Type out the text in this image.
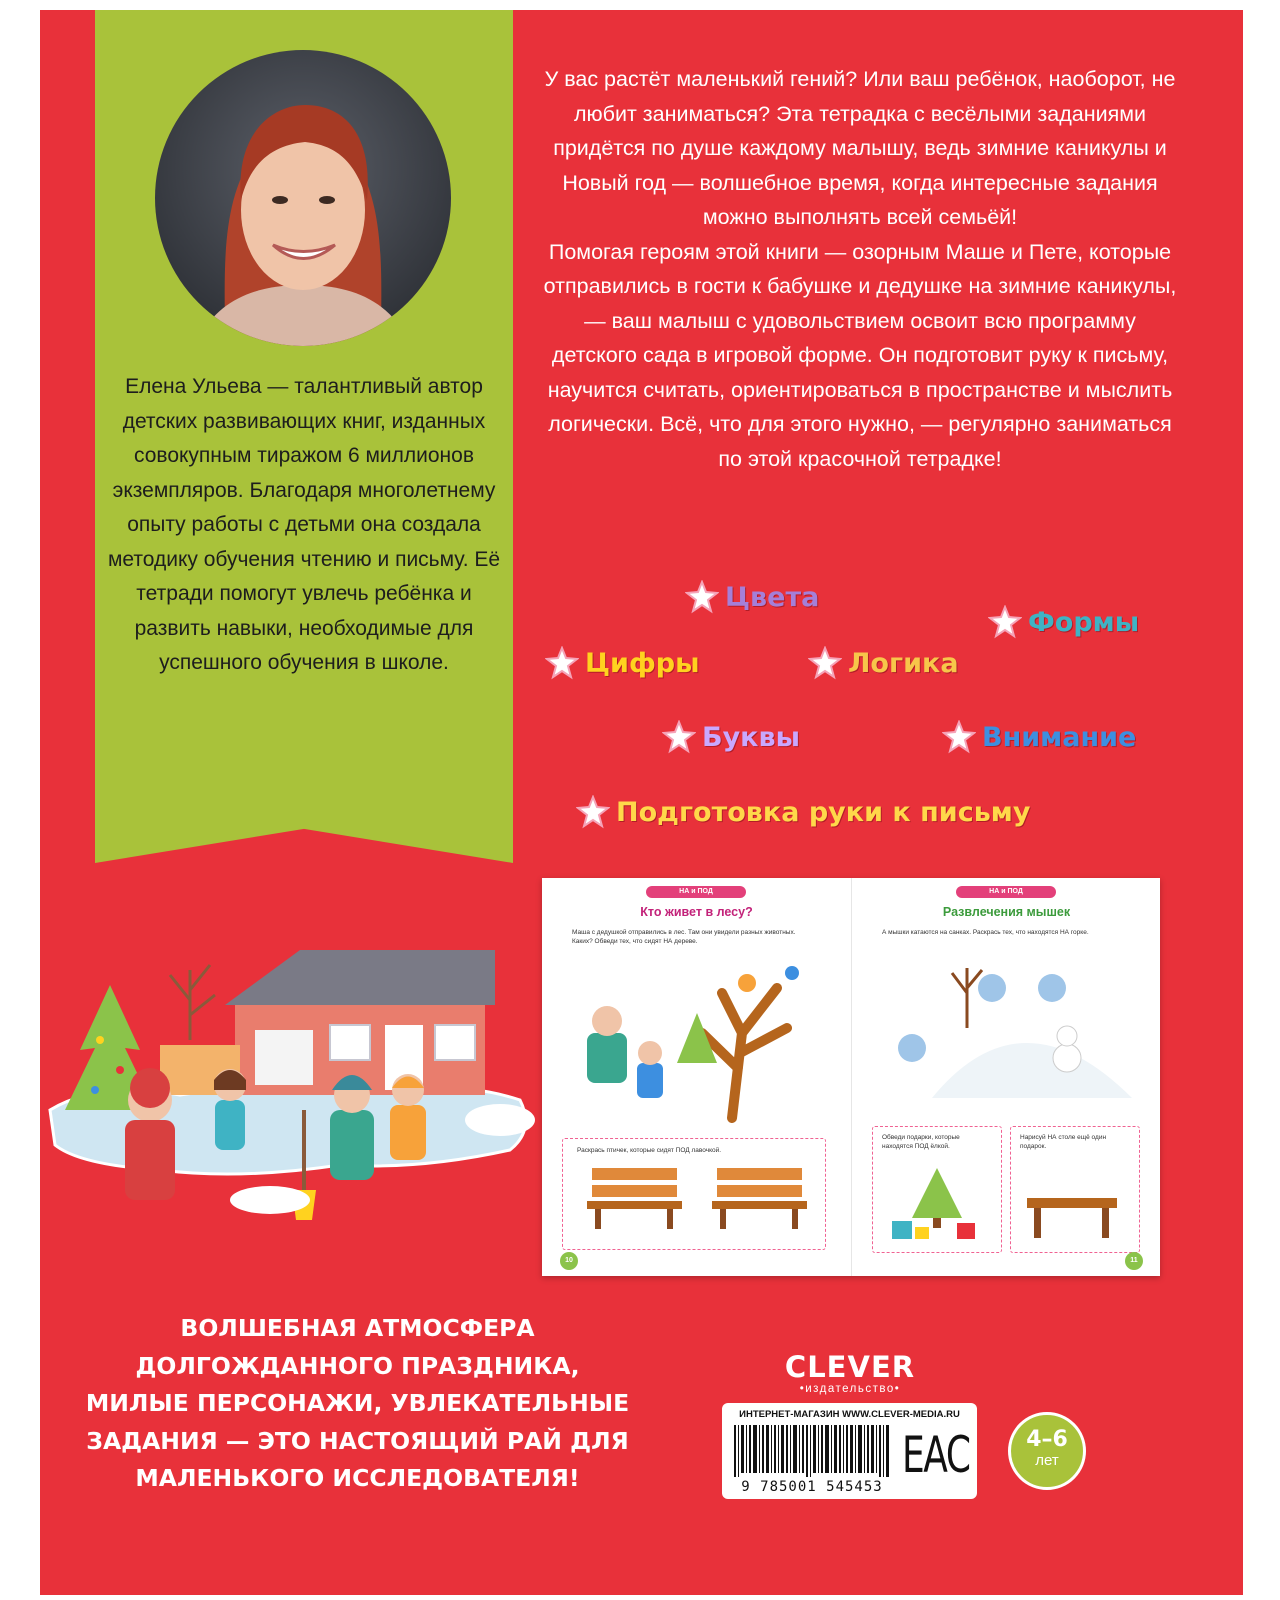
Елена Ульева — талантливый автор детских развивающих книг, изданных совокупным тиражом 6 миллионов экземпляров. Благодаря многолетнему опыту работы с детьми она создала методику обучения чтению и письму. Её тетради помогут увлечь ребёнка и развить навыки, необходимые для успешного обучения в школе.
У вас растёт маленький гений? Или ваш ребёнок, наоборот, не любит заниматься? Эта тетрадка с весёлыми заданиями придётся по душе каждому малышу, ведь зимние каникулы и Новый год — волшебное время, когда интересные задания можно выполнять всей семьёй!
Помогая героям этой книги — озорным Маше и Пете, которые отправились в гости к бабушке и дедушке на зимние каникулы, — ваш малыш с удовольствием освоит всю программу детского сада в игровой форме. Он подготовит руку к письму, научится считать, ориентироваться в пространстве и мыслить логически. Всё, что для этого нужно, — регулярно заниматься по этой красочной тетрадке!
Цвета
Формы
Цифры	Логика
Буквы	Внимание
Подготовка руки к письму
НА и ПОД
Кто живет в лесу?
Маша с дедушкой отправились в лес. Там они увидели разных животных. Каких? Обведи тех, что сидят НА дереве.
Раскрась птичек, которые сидят ПОД лавочкой.
10
НА и ПОД
Развлечения мышек
А мышки катаются на санках. Раскрась тех, что находятся НА горке.
Обведи подарки, которые находятся ПОД ёлкой.
Нарисуй НА столе ещё один подарок.
11
ВОЛШЕБНАЯ АТМОСФЕРА ДОЛГОЖДАННОГО ПРАЗДНИКА, МИЛЫЕ ПЕРСОНАЖИ, УВЛЕКАТЕЛЬНЫЕ ЗАДАНИЯ — ЭТО НАСТОЯЩИЙ РАЙ ДЛЯ МАЛЕНЬКОГО ИССЛЕДОВАТЕЛЯ!
CLEVER
•издательство•
ИНТЕРНЕТ-МАГАЗИН WWW.CLEVER-MEDIA.RU
9 785001 545453
EAC	4–6
лет
